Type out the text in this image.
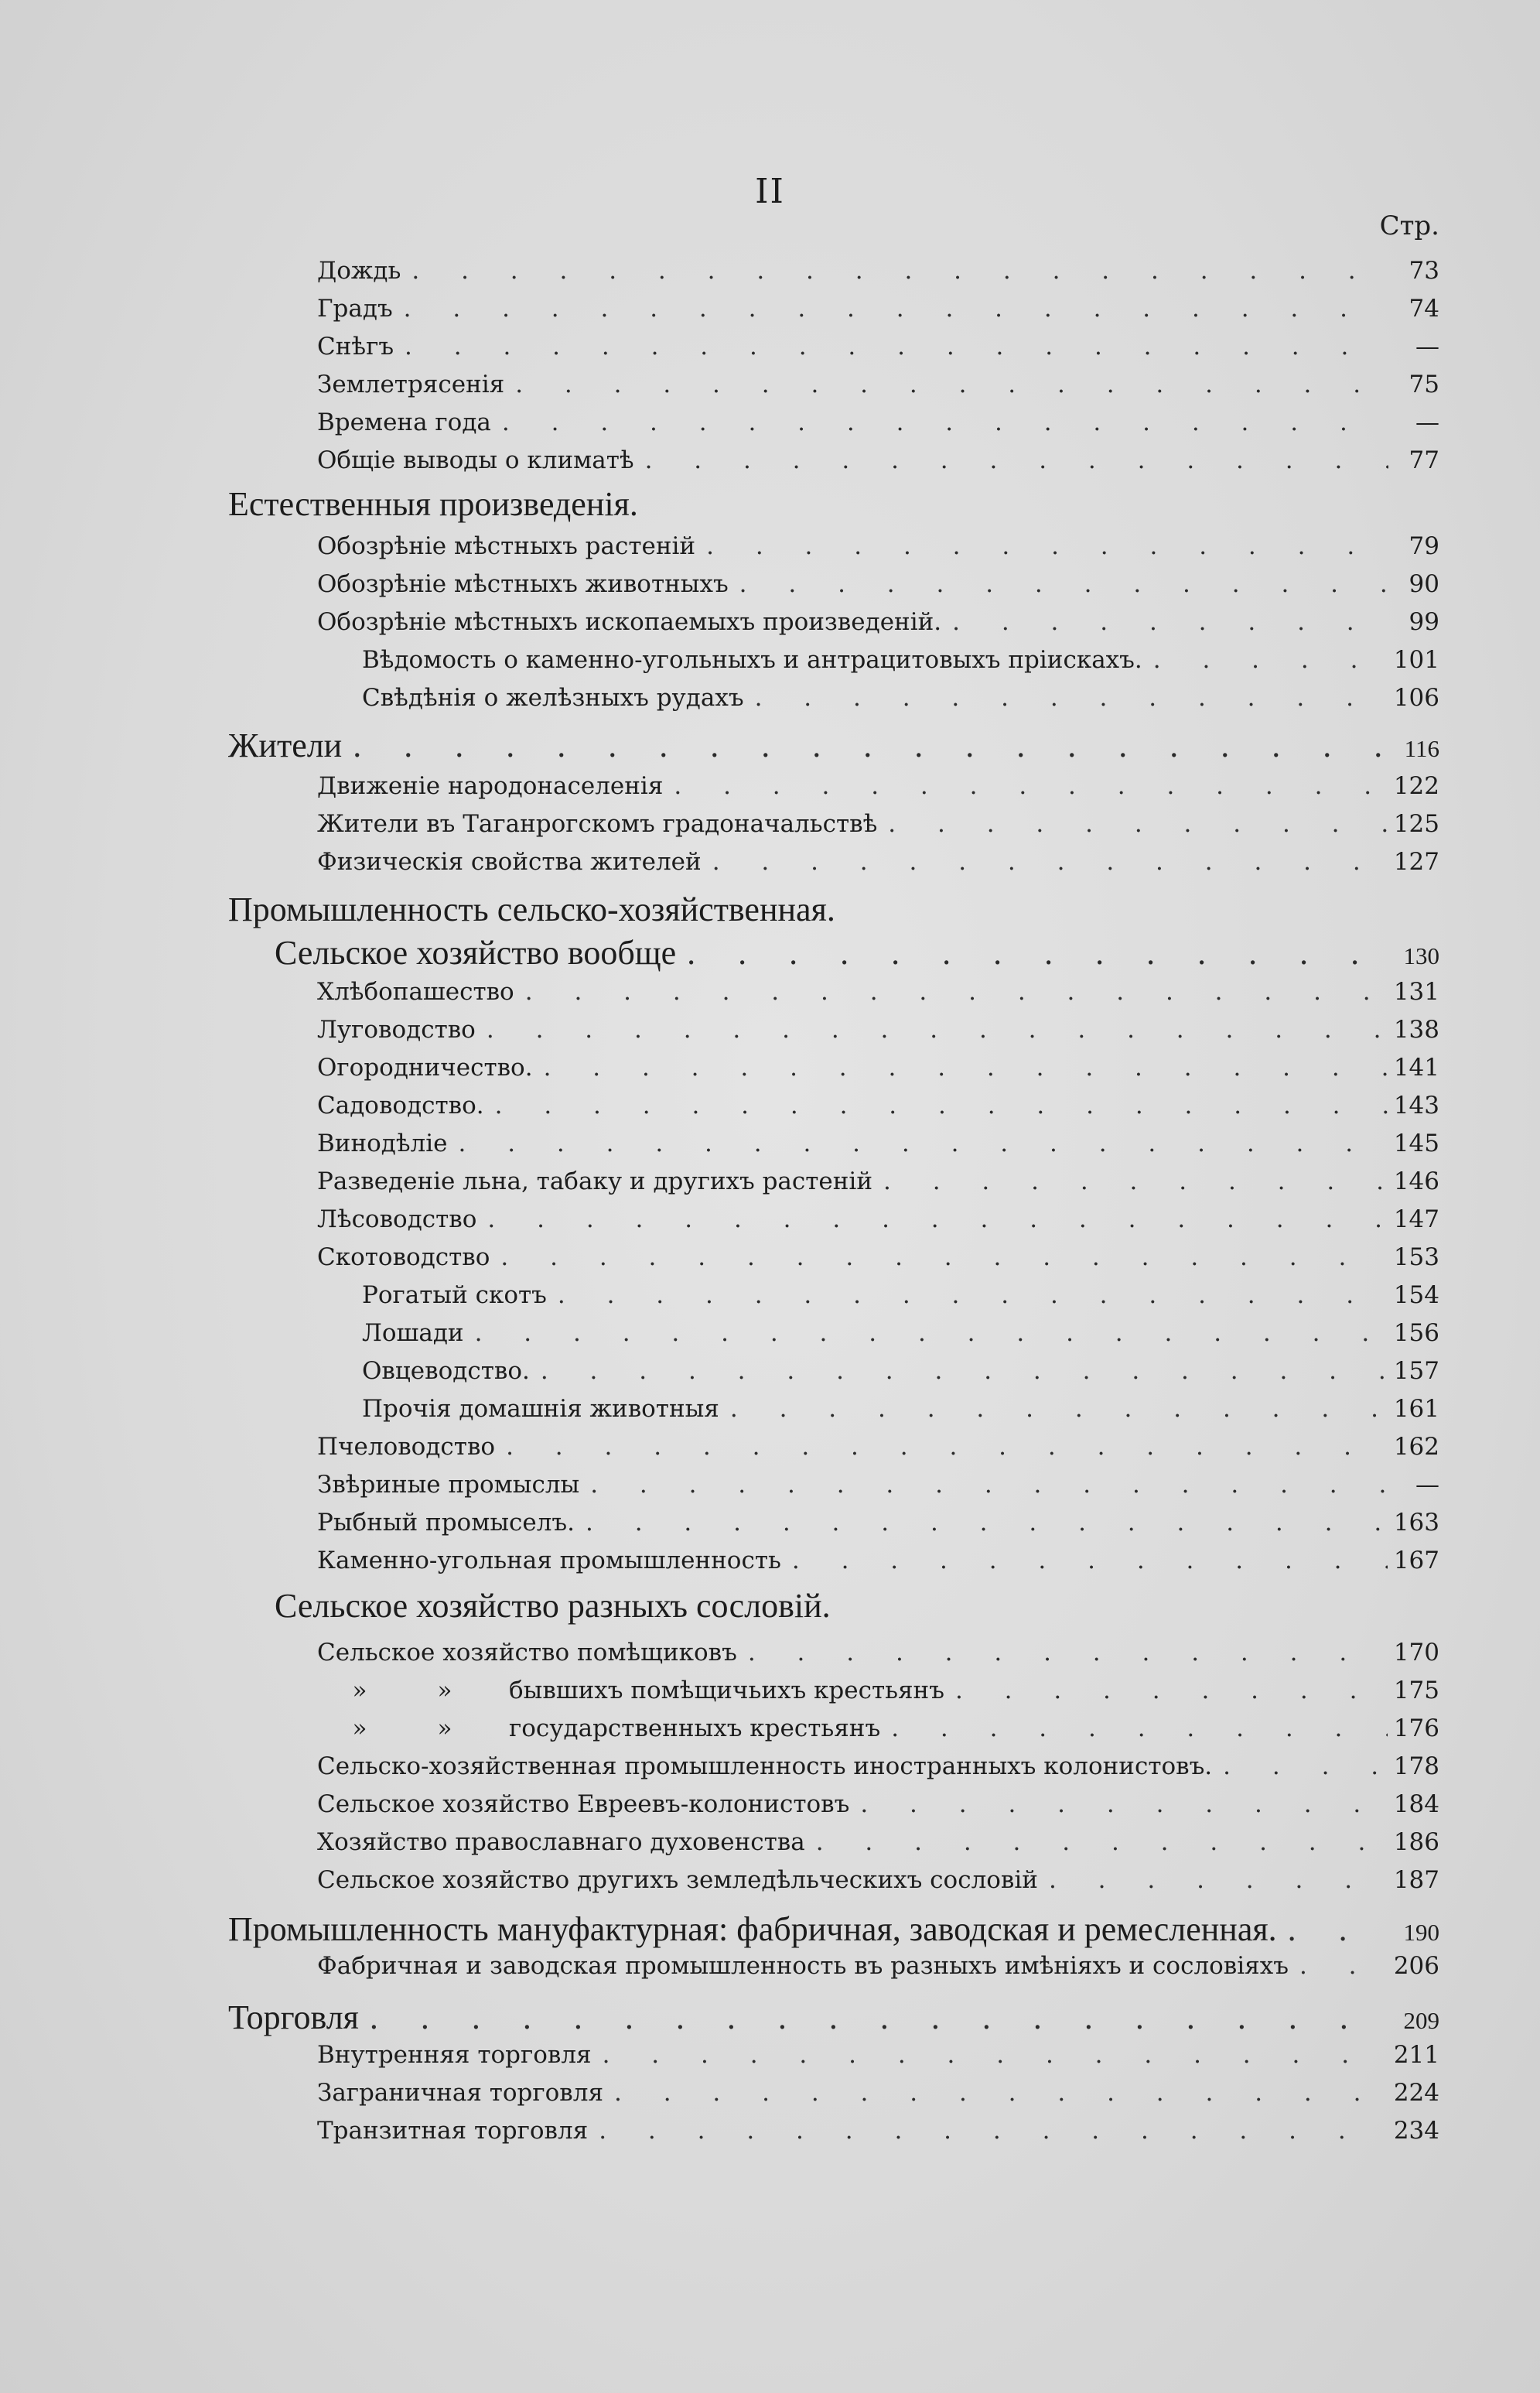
II
Стр.
Дождь . . .	73
Градъ . . .	74
Снѣгъ . . .	—
Землетрясенія . . .	75
Времена года . . .	—
Общіе выводы о климатѣ . . .	77
Естественныя произведенія.
Обозрѣніе мѣстныхъ растеній . . .	79
Обозрѣніе мѣстныхъ животныхъ . . .	90
Обозрѣніе мѣстныхъ ископаемыхъ произведеній. . . .	99
Вѣдомость о каменно-угольныхъ и антрацитовыхъ пріискахъ. . . .	101
Свѣдѣнія о желѣзныхъ рудахъ . . .	106
Жители . . .	116
Движеніе народонаселенія . . .	122
Жители въ Таганрогскомъ градоначальствѣ . . .	125
Физическія свойства жителей . . .	127
Промышленность сельско-хозяйственная.
Сельское хозяйство вообще . . .	130
Хлѣбопашество . . .	131
Луговодство . . .	138
Огородничество. . . .	141
Садоводство. . . .	143
Винодѣліе . . .	145
Разведеніе льна, табаку и другихъ растеній . . .	146
Лѣсоводство . . .	147
Скотоводство . . .	153
Рогатый скотъ . . .	154
Лошади . . .	156
Овцеводство. . . .	157
Прочія домашнія животныя . . .	161
Пчеловодство . . .	162
Звѣриные промыслы . . .	—
Рыбный промыселъ. . . .	163
Каменно-угольная промышленность . . .	167
Сельское хозяйство разныхъ сословій.
Сельское хозяйство помѣщиковъ . . .	170
»	» бывшихъ помѣщичьихъ крестьянъ . . .	175
»	» государственныхъ крестьянъ . . .	176
Сельско-хозяйственная промышленность иностранныхъ колонистовъ. . . .	178
Сельское хозяйство Евреевъ-колонистовъ . . .	184
Хозяйство православнаго духовенства . . .	186
Сельское хозяйство другихъ земледѣльческихъ сословій . . .	187
Промышленность мануфактурная: фабричная, заводская и ремесленная. . . .	190
Фабричная и заводская промышленность въ разныхъ имѣніяхъ и сословіяхъ . . .	206
Торговля . . .	209
Внутренняя торговля . . .	211
Заграничная торговля . . .	224
Транзитная торговля . . .	234
